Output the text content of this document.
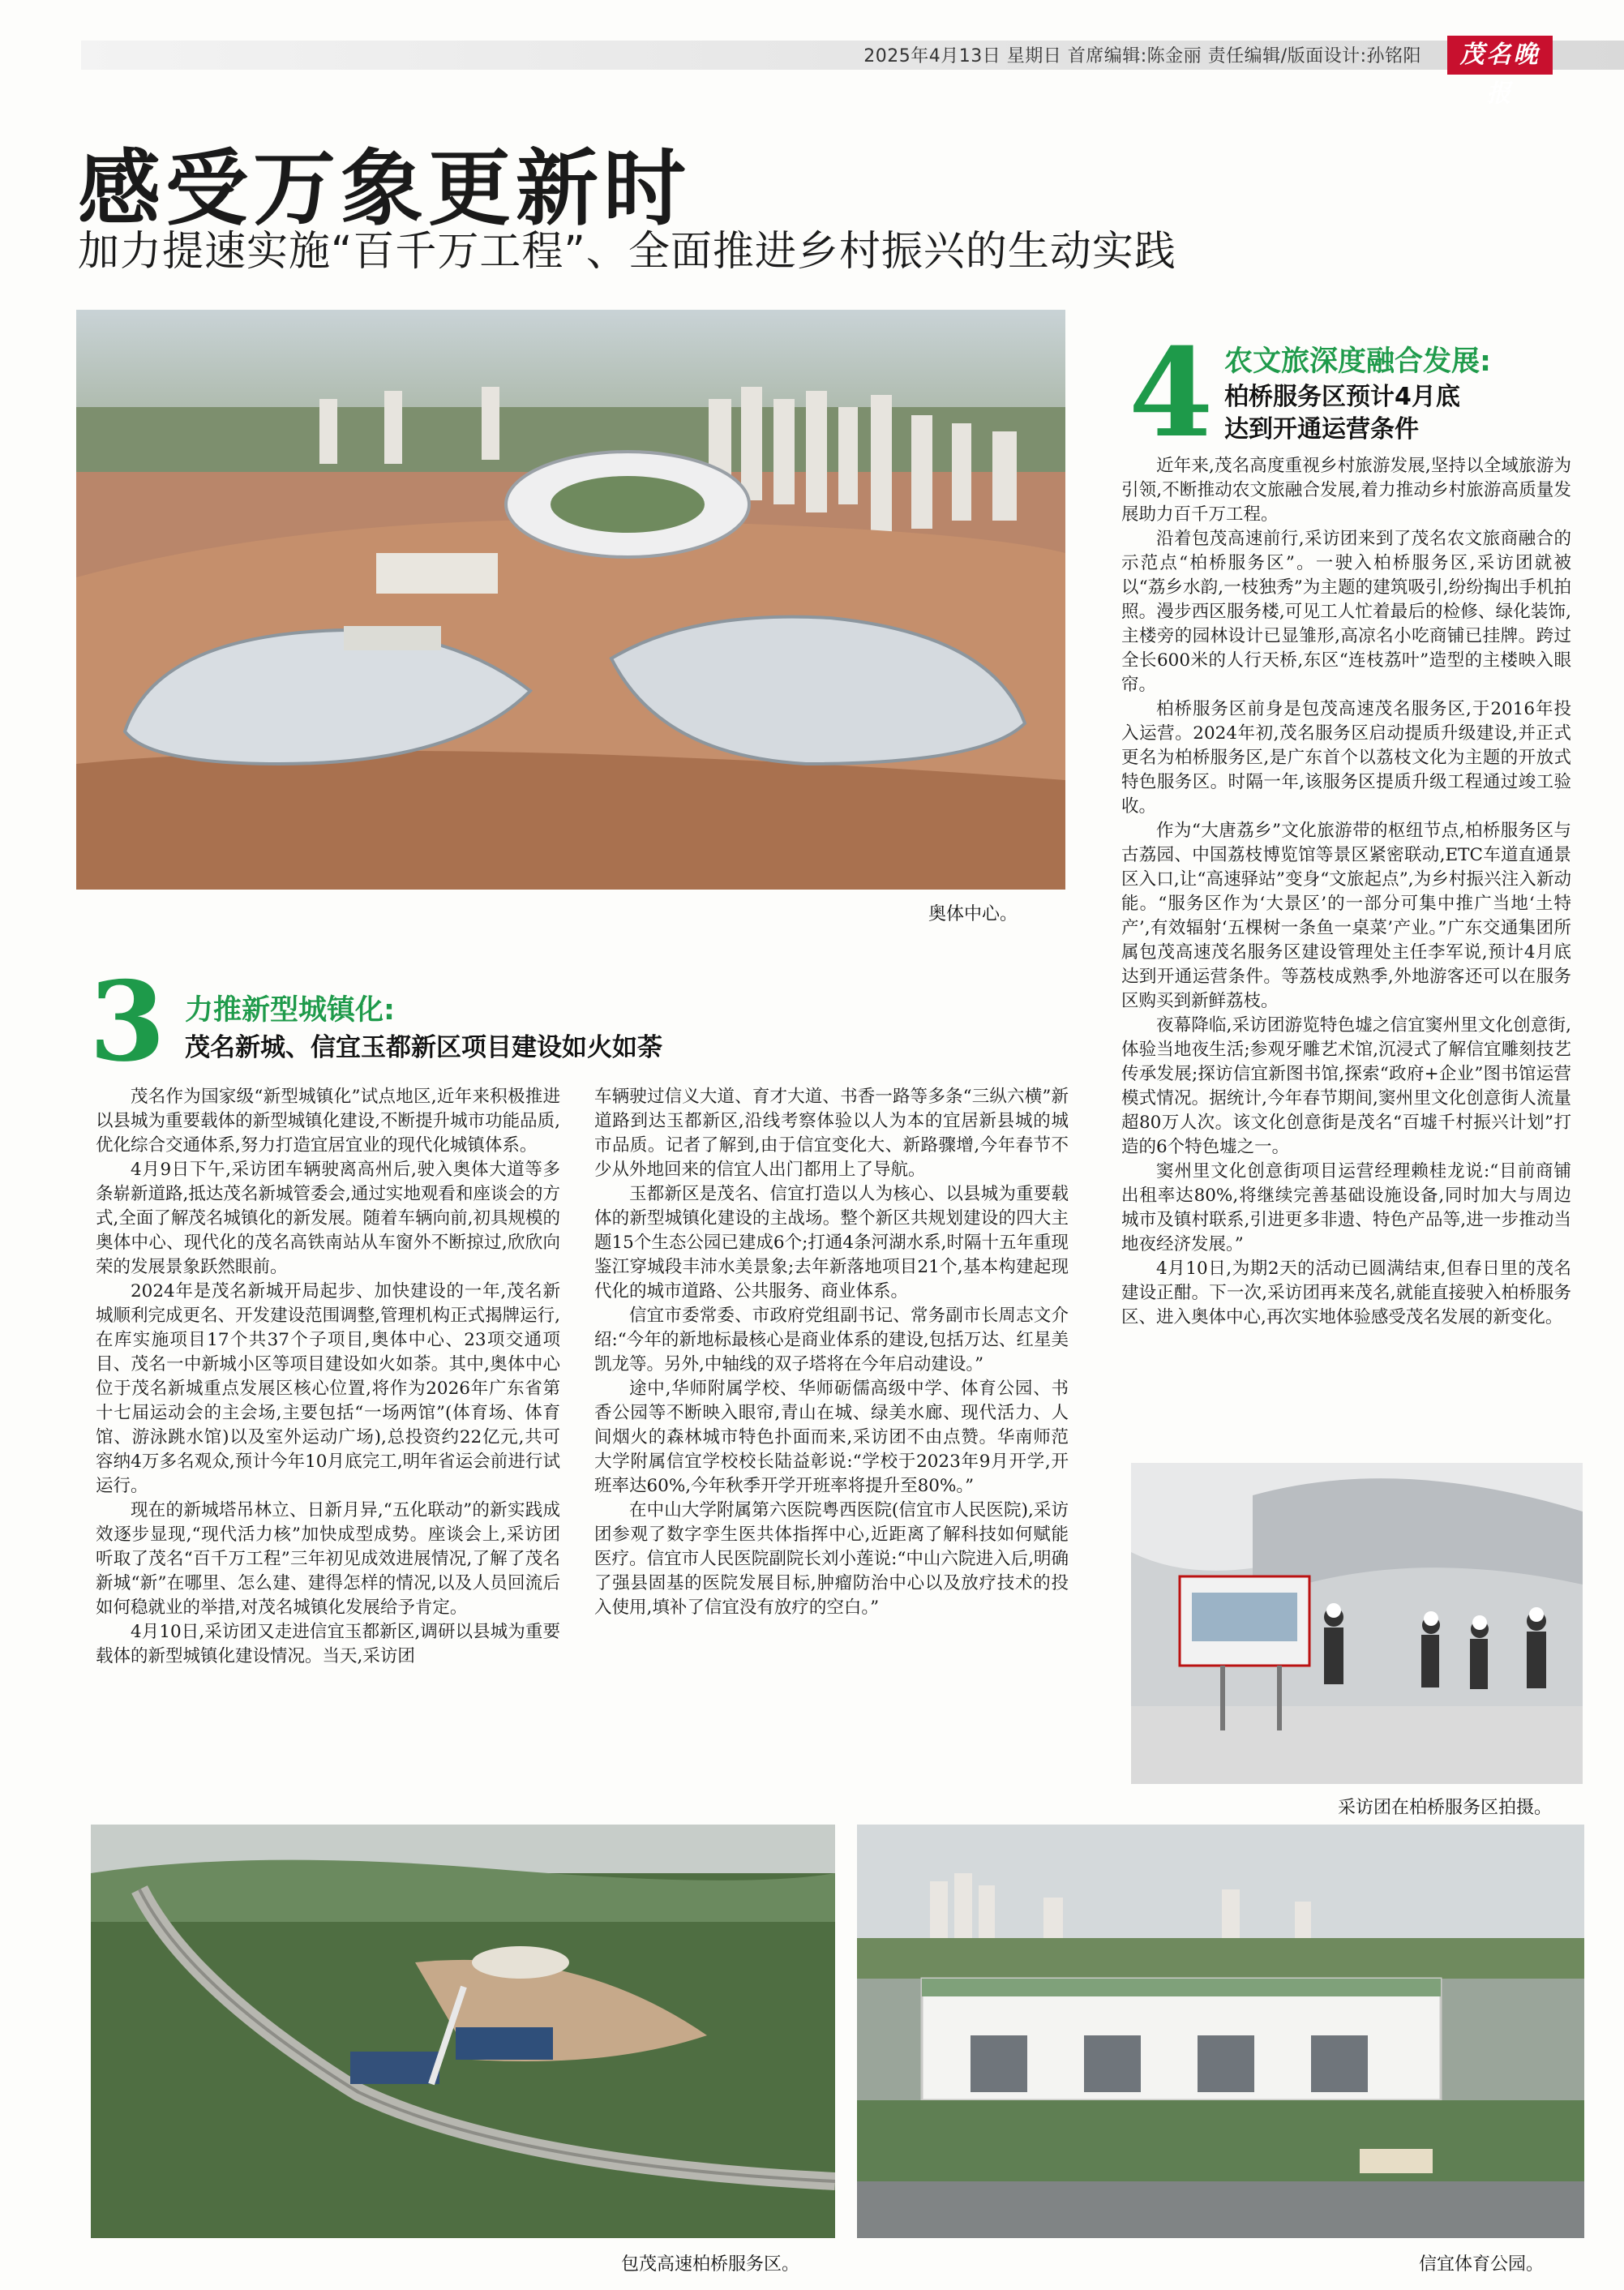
2025年4月13日 星期日 首席编辑:陈金丽 责任编辑/版面设计:孙铭阳	茂名晚报
感受万象更新时
加力提速实施“百千万工程”、全面推进乡村振兴的生动实践
奥体中心。
4 农文旅深度融合发展:
柏桥服务区预计4月底
达到开通运营条件

近年来,茂名高度重视乡村旅游发展,坚持以全域旅游为引领,不断推动农文旅融合发展,着力推动乡村旅游高质量发展助力百千万工程。

沿着包茂高速前行,采访团来到了茂名农文旅商融合的示范点“柏桥服务区”。一驶入柏桥服务区,采访团就被以“荔乡水韵,一枝独秀”为主题的建筑吸引,纷纷掏出手机拍照。漫步西区服务楼,可见工人忙着最后的检修、绿化装饰,主楼旁的园林设计已显雏形,高凉名小吃商铺已挂牌。跨过全长600米的人行天桥,东区“连枝荔叶”造型的主楼映入眼帘。

柏桥服务区前身是包茂高速茂名服务区,于2016年投入运营。2024年初,茂名服务区启动提质升级建设,并正式更名为柏桥服务区,是广东首个以荔枝文化为主题的开放式特色服务区。时隔一年,该服务区提质升级工程通过竣工验收。

作为“大唐荔乡”文化旅游带的枢纽节点,柏桥服务区与古荔园、中国荔枝博览馆等景区紧密联动,ETC车道直通景区入口,让“高速驿站”变身“文旅起点”,为乡村振兴注入新动能。“服务区作为‘大景区’的一部分可集中推广当地‘土特产’,有效辐射‘五棵树一条鱼一桌菜’产业。”广东交通集团所属包茂高速茂名服务区建设管理处主任李军说,预计4月底达到开通运营条件。等荔枝成熟季,外地游客还可以在服务区购买到新鲜荔枝。

夜幕降临,采访团游览特色墟之信宜窦州里文化创意街,体验当地夜生活;参观牙雕艺术馆,沉浸式了解信宜雕刻技艺传承发展;探访信宜新图书馆,探索“政府+企业”图书馆运营模式情况。据统计,今年春节期间,窦州里文化创意街人流量超80万人次。该文化创意街是茂名“百墟千村振兴计划”打造的6个特色墟之一。

窦州里文化创意街项目运营经理赖桂龙说:“目前商铺出租率达80%,将继续完善基础设施设备,同时加大与周边城市及镇村联系,引进更多非遗、特色产品等,进一步推动当地夜经济发展。”

4月10日,为期2天的活动已圆满结束,但春日里的茂名建设正酣。下一次,采访团再来茂名,就能直接驶入柏桥服务区、进入奥体中心,再次实地体验感受茂名发展的新变化。

3 力推新型城镇化:
茂名新城、信宜玉都新区项目建设如火如荼

茂名作为国家级“新型城镇化”试点地区,近年来积极推进以县城为重要载体的新型城镇化建设,不断提升城市功能品质,优化综合交通体系,努力打造宜居宜业的现代化城镇体系。

4月9日下午,采访团车辆驶离高州后,驶入奥体大道等多条崭新道路,抵达茂名新城管委会,通过实地观看和座谈会的方式,全面了解茂名城镇化的新发展。随着车辆向前,初具规模的奥体中心、现代化的茂名高铁南站从车窗外不断掠过,欣欣向荣的发展景象跃然眼前。

2024年是茂名新城开局起步、加快建设的一年,茂名新城顺利完成更名、开发建设范围调整,管理机构正式揭牌运行,在库实施项目17个共37个子项目,奥体中心、23项交通项目、茂名一中新城小区等项目建设如火如荼。其中,奥体中心位于茂名新城重点发展区核心位置,将作为2026年广东省第十七届运动会的主会场,主要包括“一场两馆”(体育场、体育馆、游泳跳水馆)以及室外运动广场),总投资约22亿元,共可容纳4万多名观众,预计今年10月底完工,明年省运会前进行试运行。

现在的新城塔吊林立、日新月异,“五化联动”的新实践成效逐步显现,“现代活力核”加快成型成势。座谈会上,采访团听取了茂名“百千万工程”三年初见成效进展情况,了解了茂名新城“新”在哪里、怎么建、建得怎样的情况,以及人员回流后如何稳就业的举措,对茂名城镇化发展给予肯定。

4月10日,采访团又走进信宜玉都新区,调研以县城为重要载体的新型城镇化建设情况。当天,采访团

车辆驶过信义大道、育才大道、书香一路等多条“三纵六横”新道路到达玉都新区,沿线考察体验以人为本的宜居新县城的城市品质。记者了解到,由于信宜变化大、新路骤增,今年春节不少从外地回来的信宜人出门都用上了导航。

玉都新区是茂名、信宜打造以人为核心、以县城为重要载体的新型城镇化建设的主战场。整个新区共规划建设的四大主题15个生态公园已建成6个;打通4条河湖水系,时隔十五年重现鉴江穿城段丰沛水美景象;去年新落地项目21个,基本构建起现代化的城市道路、公共服务、商业体系。

信宜市委常委、市政府党组副书记、常务副市长周志文介绍:“今年的新地标最核心是商业体系的建设,包括万达、红星美凯龙等。另外,中轴线的双子塔将在今年启动建设。”

途中,华师附属学校、华师砺儒高级中学、体育公园、书香公园等不断映入眼帘,青山在城、绿美水廊、现代活力、人间烟火的森林城市特色扑面而来,采访团不由点赞。华南师范大学附属信宜学校校长陆益彰说:“学校于2023年9月开学,开班率达60%,今年秋季开学开班率将提升至80%。”

在中山大学附属第六医院粤西医院(信宜市人民医院),采访团参观了数字孪生医共体指挥中心,近距离了解科技如何赋能医疗。信宜市人民医院副院长刘小莲说:“中山六院进入后,明确了强县固基的医院发展目标,肿瘤防治中心以及放疗技术的投入使用,填补了信宜没有放疗的空白。”

采访团在柏桥服务区拍摄。
包茂高速柏桥服务区。	信宜体育公园。
